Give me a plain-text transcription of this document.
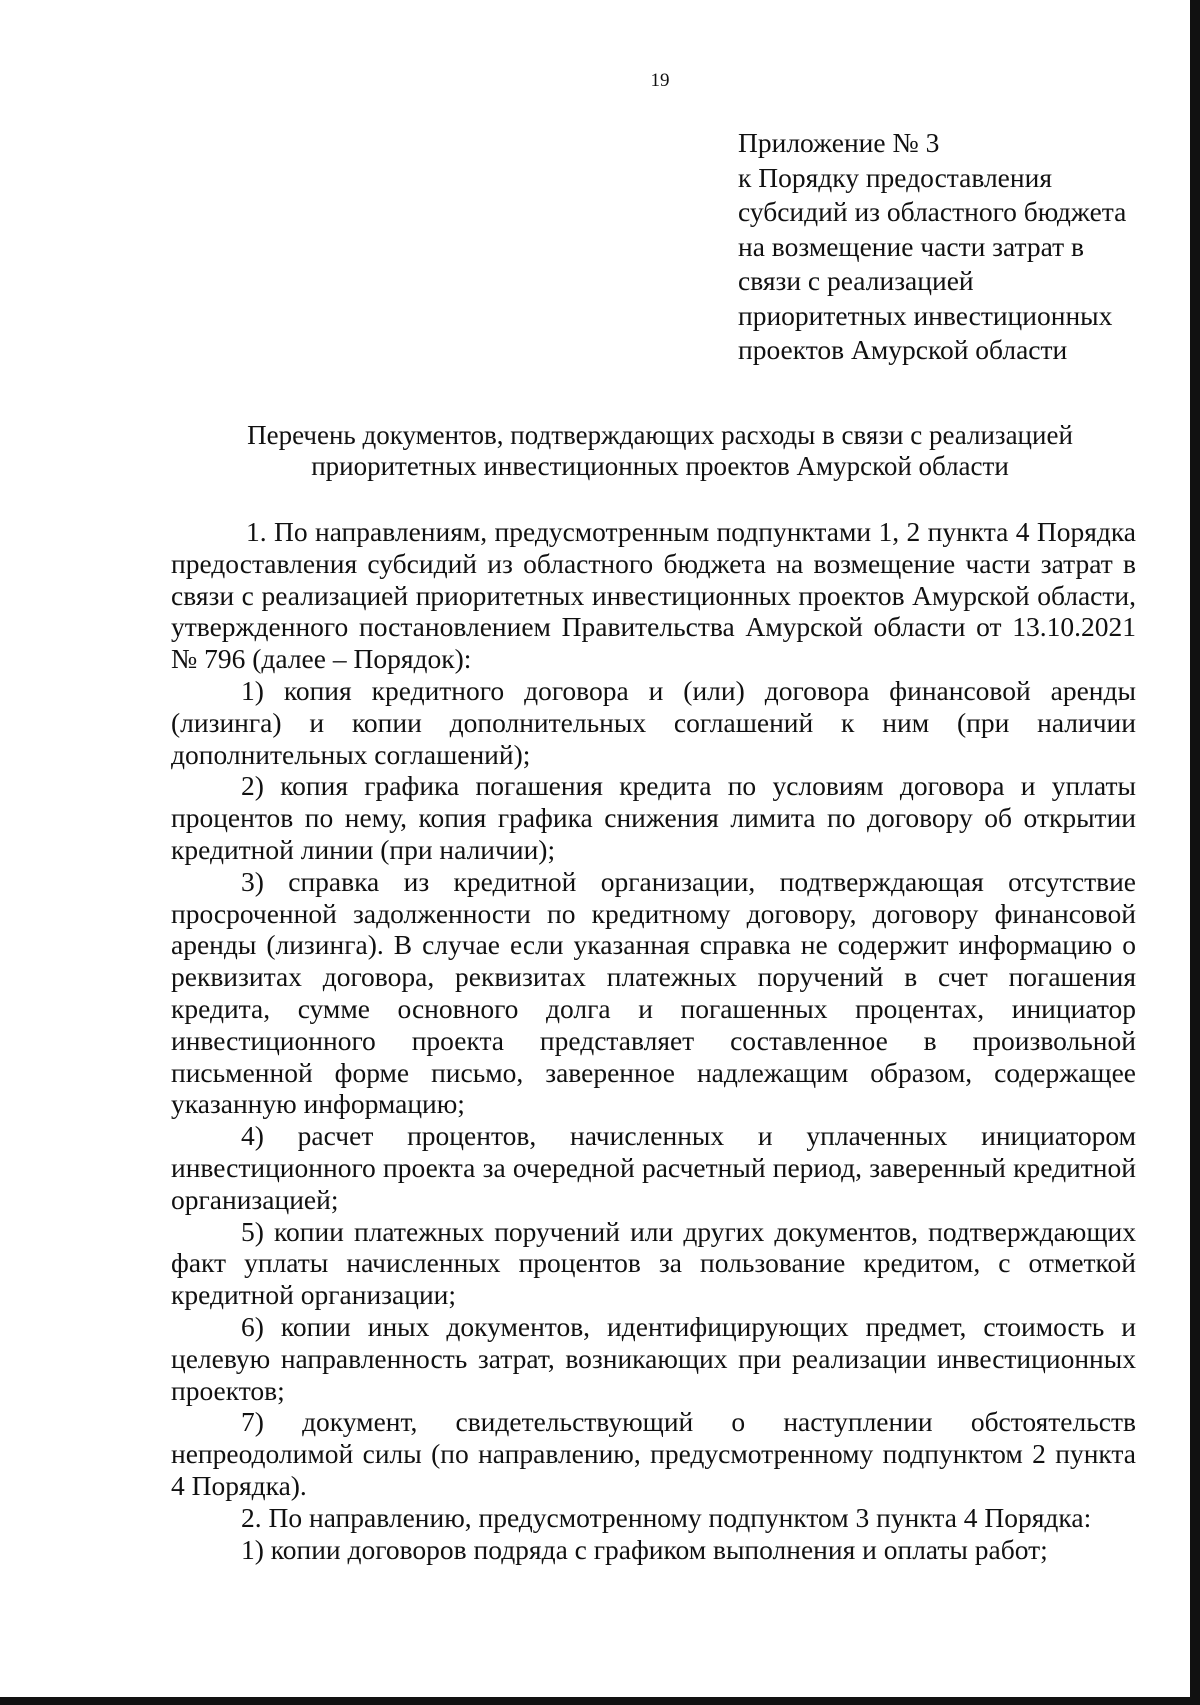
19
Приложение № 3
к Порядку предоставления
субсидий из областного бюджета
на возмещение части затрат в
связи с реализацией
приоритетных инвестиционных
проектов Амурской области
Перечень документов, подтверждающих расходы в связи с реализацией
приоритетных инвестиционных проектов Амурской области

1. По направлениям, предусмотренным подпунктами 1, 2 пункта 4 Порядка предоставления субсидий из областного бюджета на возмещение части затрат в связи с реализацией приоритетных инвестиционных проектов Амурской области, утвержденного постановлением Правительства Амурской области от 13.10.2021 № 796 (далее – Порядок):

1) копия кредитного договора и (или) договора финансовой аренды (лизинга) и копии дополнительных соглашений к ним (при наличии дополнительных соглашений);

2) копия графика погашения кредита по условиям договора и уплаты процентов по нему, копия графика снижения лимита по договору об открытии кредитной линии (при наличии);

3) справка из кредитной организации, подтверждающая отсутствие просроченной задолженности по кредитному договору, договору финансовой аренды (лизинга). В случае если указанная справка не содержит информацию о реквизитах договора, реквизитах платежных поручений в счет погашения кредита, сумме основного долга и погашенных процентах, инициатор инвестиционного проекта представляет составленное в произвольной письменной форме письмо, заверенное надлежащим образом, содержащее указанную информацию;

4) расчет процентов, начисленных и уплаченных инициатором инвестиционного проекта за очередной расчетный период, заверенный кредитной организацией;

5) копии платежных поручений или других документов, подтверждающих факт уплаты начисленных процентов за пользование кредитом, с отметкой кредитной организации;

6) копии иных документов, идентифицирующих предмет, стоимость и целевую направленность затрат, возникающих при реализации инвестиционных проектов;

7) документ, свидетельствующий о наступлении обстоятельств непреодолимой силы (по направлению, предусмотренному подпунктом 2 пункта 4 Порядка).

2. По направлению, предусмотренному подпунктом 3 пункта 4 Порядка:

1) копии договоров подряда с графиком выполнения и оплаты работ;
